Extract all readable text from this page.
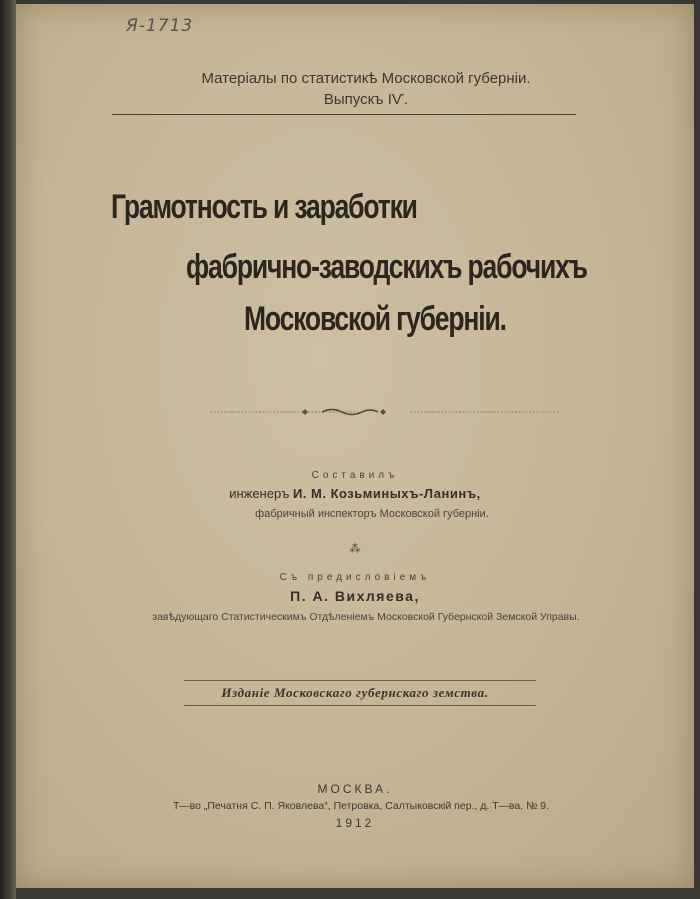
Я-1713
Матеріалы по статистикѣ Московской губерніи.
Выпускъ IѴ.
Грамотность и заработки
фабрично-заводскихъ рабочихъ
Московской губерніи.
Составилъ
инженеръ И. М. Козьминыхъ-Ланинъ,
фабричный инспекторъ Московской губерніи.
⁂
Съ предисловіемъ
П. А. Вихляева,
завѣдующаго Статистическимъ Отдѣленіемъ Московской Губернской Земской Управы.
Изданіе Московскаго губернскаго земства.
МОСКВА.
Т—во „Печатня С. П. Яковлева“, Петровка, Салтыковскій пер., д. Т—ва, № 9.
1912
